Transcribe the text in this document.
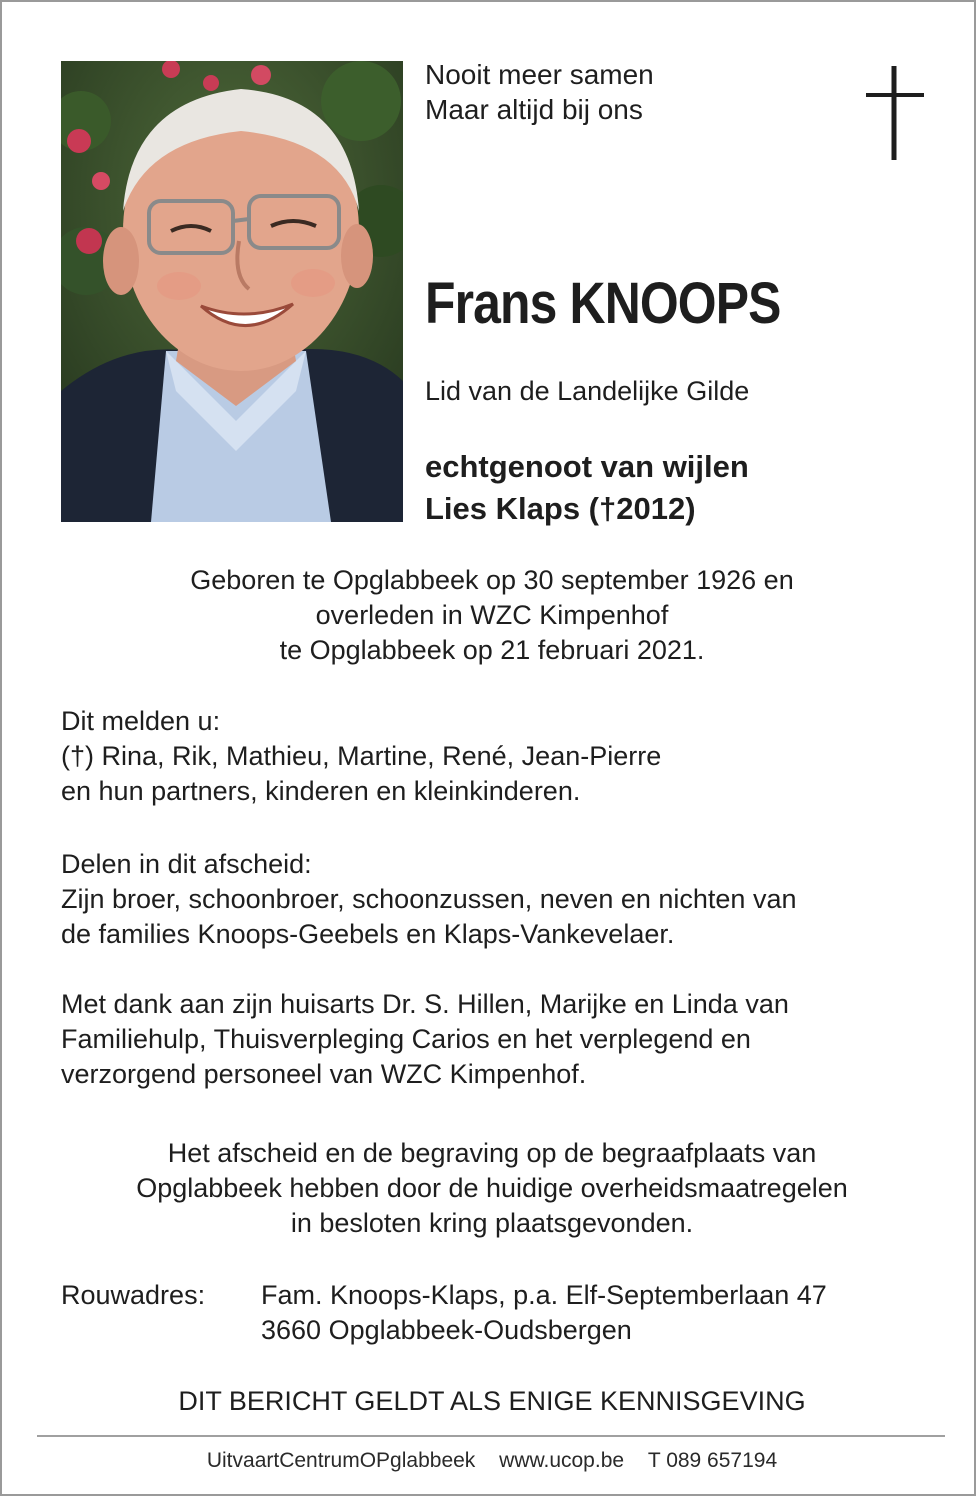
Nooit meer samen
Maar altijd bij ons
Frans KNOOPS
Lid van de Landelijke Gilde
echtgenoot van wijlen
Lies Klaps (†2012)
Geboren te Opglabbeek op 30 september 1926 en
overleden in WZC Kimpenhof
te Opglabbeek op 21 februari 2021.
Dit melden u:
(†) Rina, Rik, Mathieu, Martine, René, Jean-Pierre
en hun partners, kinderen en kleinkinderen.
Delen in dit afscheid:
Zijn broer, schoonbroer, schoonzussen, neven en nichten van
de families Knoops-Geebels en Klaps-Vankevelaer.
Met dank aan zijn huisarts Dr. S. Hillen, Marijke en Linda van
Familiehulp, Thuisverpleging Carios en het verplegend en
verzorgend personeel van WZC Kimpenhof.
Het afscheid en de begraving op de begraafplaats van
Opglabbeek hebben door de huidige overheidsmaatregelen
in besloten kring plaatsgevonden.
Rouwadres: Fam. Knoops-Klaps, p.a. Elf-Septemberlaan 47
3660 Opglabbeek-Oudsbergen
DIT BERICHT GELDT ALS ENIGE KENNISGEVING
UitvaartCentrumOPglabbeek www.ucop.be T 089 657194
